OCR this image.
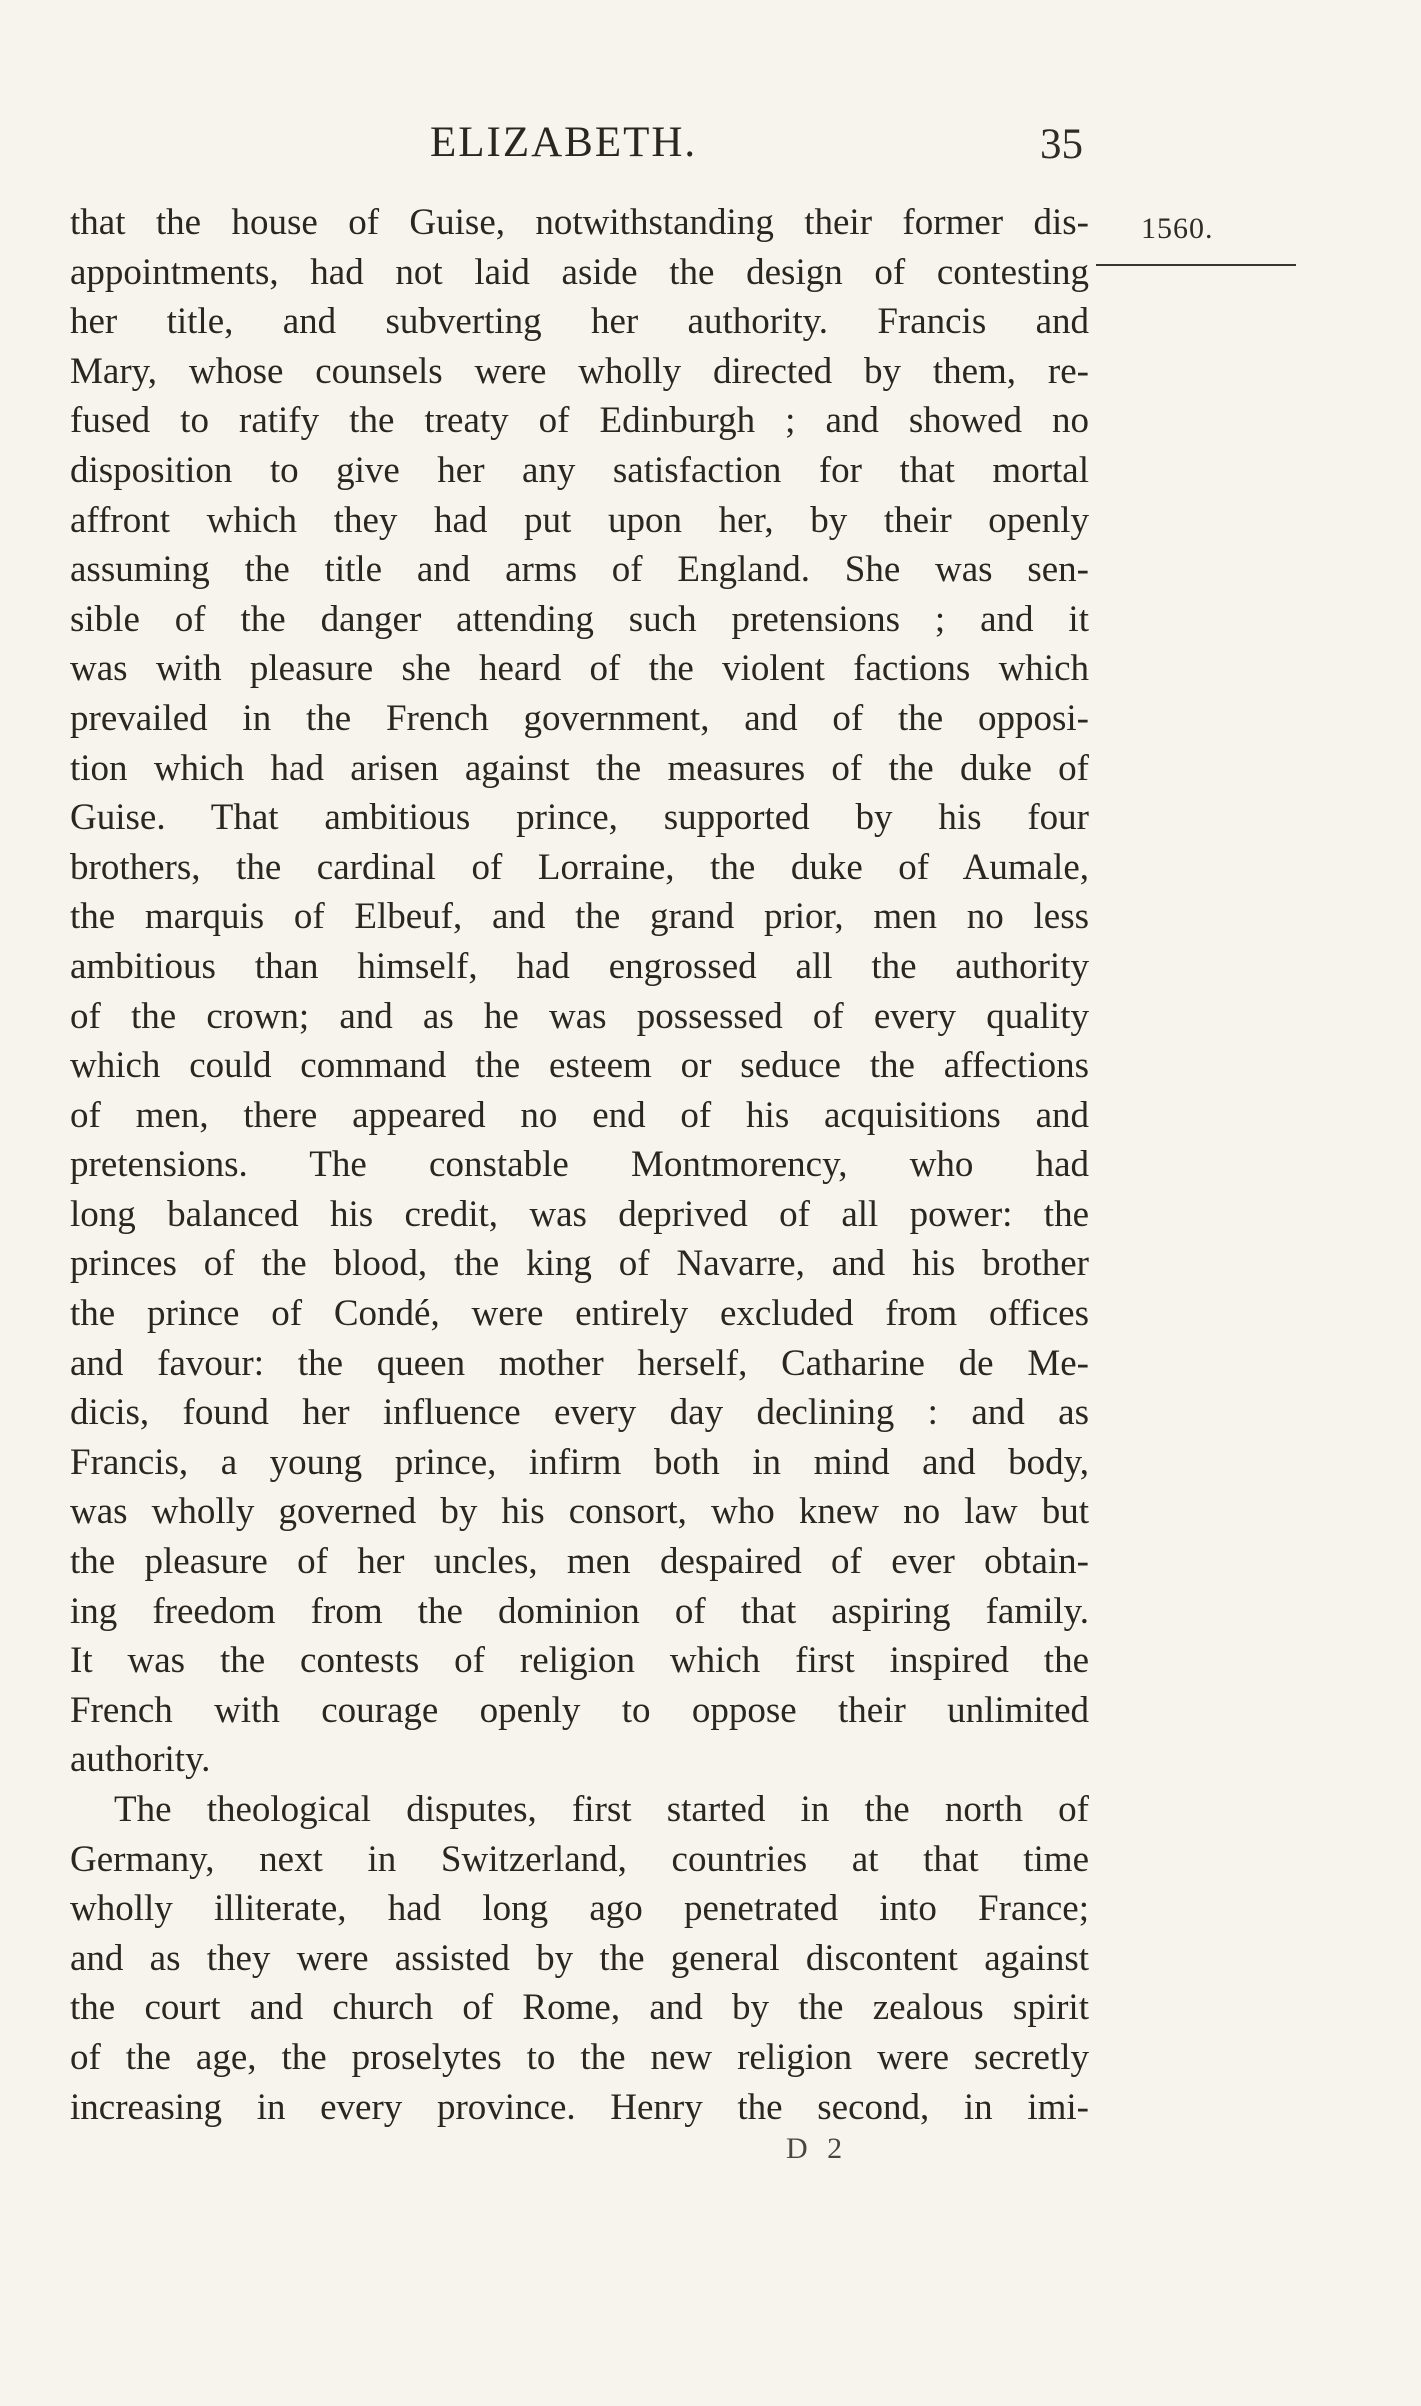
ELIZABETH.	35
1560.
that the house of Guise, notwithstanding their former dis-
appointments, had not laid aside the design of contesting
her title, and subverting her authority. Francis and
Mary, whose counsels were wholly directed by them, re-
fused to ratify the treaty of Edinburgh ; and showed no
disposition to give her any satisfaction for that mortal
affront which they had put upon her, by their openly
assuming the title and arms of England. She was sen-
sible of the danger attending such pretensions ; and it
was with pleasure she heard of the violent factions which
prevailed in the French government, and of the opposi-
tion which had arisen against the measures of the duke of
Guise. That ambitious prince, supported by his four
brothers, the cardinal of Lorraine, the duke of Aumale,
the marquis of Elbeuf, and the grand prior, men no less
ambitious than himself, had engrossed all the authority
of the crown; and as he was possessed of every quality
which could command the esteem or seduce the affections
of men, there appeared no end of his acquisitions and
pretensions. The constable Montmorency, who had
long balanced his credit, was deprived of all power: the
princes of the blood, the king of Navarre, and his brother
the prince of Condé, were entirely excluded from offices
and favour: the queen mother herself, Catharine de Me-
dicis, found her influence every day declining : and as
Francis, a young prince, infirm both in mind and body,
was wholly governed by his consort, who knew no law but
the pleasure of her uncles, men despaired of ever obtain-
ing freedom from the dominion of that aspiring family.
It was the contests of religion which first inspired the
French with courage openly to oppose their unlimited
authority.
The theological disputes, first started in the north of
Germany, next in Switzerland, countries at that time
wholly illiterate, had long ago penetrated into France;
and as they were assisted by the general discontent against
the court and church of Rome, and by the zealous spirit
of the age, the proselytes to the new religion were secretly
increasing in every province. Henry the second, in imi-
D 2
